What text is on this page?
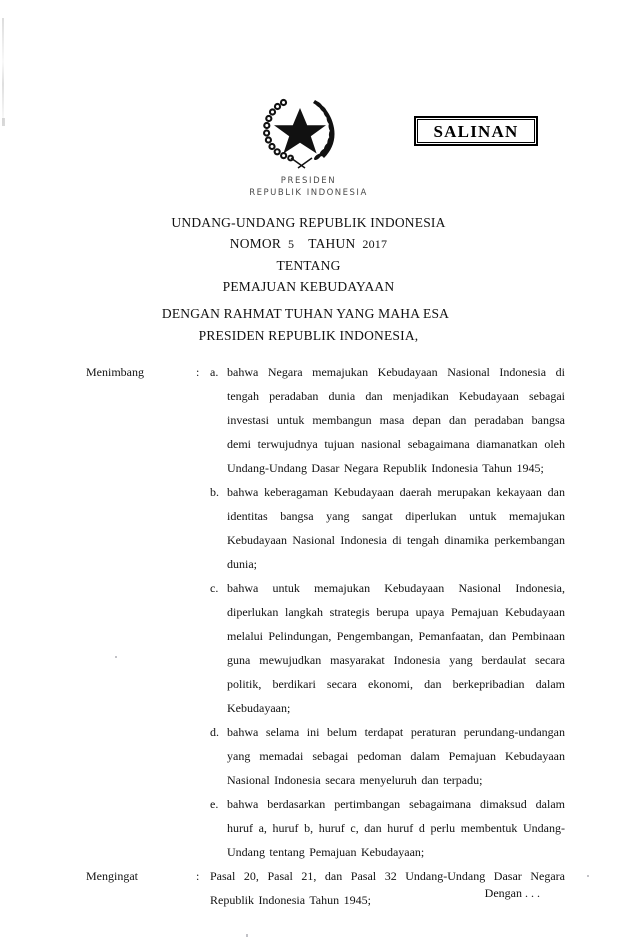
PRESIDEN
REPUBLIK INDONESIA
SALINAN
UNDANG-UNDANG REPUBLIK INDONESIA
NOMOR 5 TAHUN 2017
TENTANG
PEMAJUAN KEBUDAYAAN
DENGAN RAHMAT TUHAN YANG MAHA ESA
PRESIDEN REPUBLIK INDONESIA,
Menimbang	: a. bahwa Negara memajukan Kebudayaan Nasional Indonesia di tengah peradaban dunia dan menjadikan Kebudayaan sebagai investasi untuk membangun masa depan dan peradaban bangsa demi terwujudnya tujuan nasional sebagaimana diamanatkan oleh Undang-Undang Dasar Negara Republik Indonesia Tahun 1945;
b. bahwa keberagaman Kebudayaan daerah merupakan kekayaan dan identitas bangsa yang sangat diperlukan untuk memajukan Kebudayaan Nasional Indonesia di tengah dinamika perkembangan dunia;
c. bahwa untuk memajukan Kebudayaan Nasional Indonesia, diperlukan langkah strategis berupa upaya Pemajuan Kebudayaan melalui Pelindungan, Pengembangan, Pemanfaatan, dan Pembinaan guna mewujudkan masyarakat Indonesia yang berdaulat secara politik, berdikari secara ekonomi, dan berkepribadian dalam Kebudayaan;
d. bahwa selama ini belum terdapat peraturan perundang-undangan yang memadai sebagai pedoman dalam Pemajuan Kebudayaan Nasional Indonesia secara menyeluruh dan terpadu;
e. bahwa berdasarkan pertimbangan sebagaimana dimaksud dalam huruf a, huruf b, huruf c, dan huruf d perlu membentuk Undang-Undang tentang Pemajuan Kebudayaan;
Mengingat	: Pasal 20, Pasal 21, dan Pasal 32 Undang-Undang Dasar Negara Republik Indonesia Tahun 1945;	Dengan . . .
